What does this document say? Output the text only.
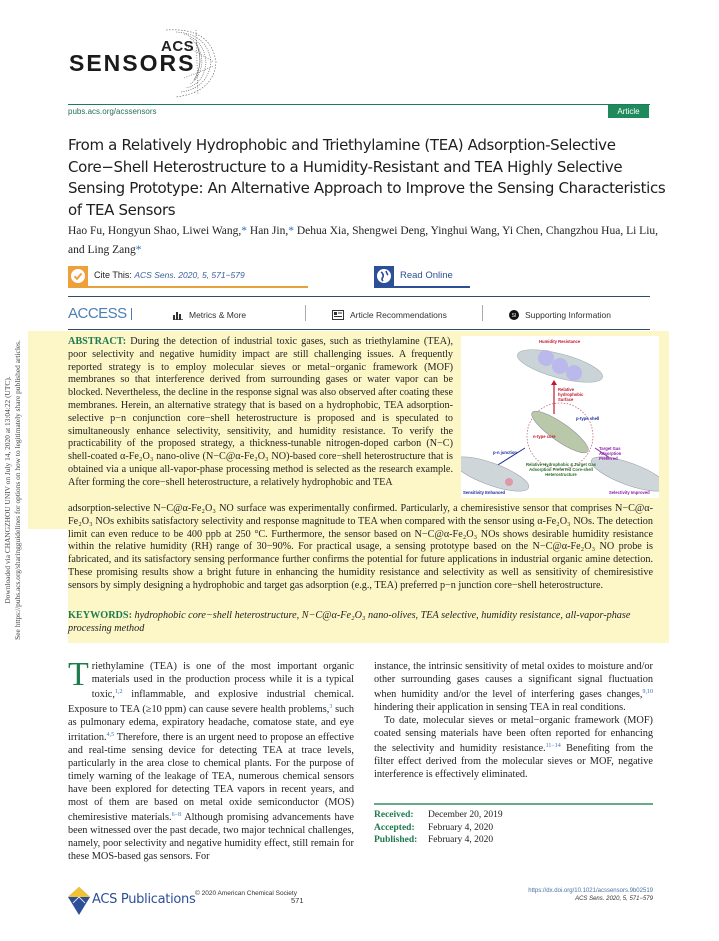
Downloaded via CHANGZHOU UNIV on July 14, 2020 at 13:04:22 (UTC). See https://pubs.acs.org/sharingguidelines for options on how to legitimately share published articles.
ACS
SENSORS
pubs.acs.org/acssensors	Article
From a Relatively Hydrophobic and Triethylamine (TEA) Adsorption-Selective Core−Shell Heterostructure to a Humidity-Resistant and TEA Highly Selective Sensing Prototype: An Alternative Approach to Improve the Sensing Characteristics of TEA Sensors
Hao Fu, Hongyun Shao, Liwei Wang,* Han Jin,* Dehua Xia, Shengwei Deng, Yinghui Wang, Yi Chen, Changzhou Hua, Li Liu, and Ling Zang*
Cite This: ACS Sens. 2020, 5, 571−579	Read Online
ACCESS	Metrics & More	Article Recommendations	SI Supporting Information
ABSTRACT: During the detection of industrial toxic gases, such as triethylamine (TEA), poor selectivity and negative humidity impact are still challenging issues. A frequently reported strategy is to employ molecular sieves or metal−organic framework (MOF) membranes so that interference derived from surrounding gases or water vapor can be blocked. Nevertheless, the decline in the response signal was also observed after coating these membranes. Herein, an alternative strategy that is based on a hydrophobic, TEA adsorption-selective p−n conjunction core−shell heterostructure is proposed and is speculated to simultaneously enhance selectivity, sensitivity, and humidity resistance. To verify the practicability of the proposed strategy, a thickness-tunable nitrogen-doped carbon (N−C) shell-coated α-Fe₂O₃ nano-olive (N−C@α-Fe₂O₃ NO)-based core−shell heterostructure that is obtained via a unique all-vapor-phase processing method is selected as the research example. After forming the core−shell heterostructure, a relatively hydrophobic and TEA
adsorption-selective N−C@α-Fe₂O₃ NO surface was experimentally confirmed. Particularly, a chemiresistive sensor that comprises N−C@α-Fe₂O₃ NOs exhibits satisfactory selectivity and response magnitude to TEA when compared with the sensor using α-Fe₂O₃ NOs. The detection limit can even reduce to be 400 ppb at 250 °C. Furthermore, the sensor based on N−C@α-Fe₂O₃ NOs shows desirable humidity resistance within the relative humidity (RH) range of 30−90%. For practical usage, a sensing prototype based on the N−C@α-Fe₂O₃ NO probe is fabricated, and its satisfactory sensing performance further confirms the potential for future applications in industrial organic amine detection. These promising results show a bright future in enhancing the humidity resistance and selectivity as well as sensitivity of chemiresistive sensors by simply designing a hydrophobic and target gas adsorption (e.g., TEA) preferred p−n junction core−shell heterostructure.
KEYWORDS: hydrophobic core−shell heterostructure, N−C@α-Fe₂O₃ nano-olives, TEA selective, humidity resistance, all-vapor-phase processing method
Humidity Resistance
Relative hydrophobic Surface
p-type shell
n-type core
p-n junction
Target Gas Adsorption Preferred
Relative Hydrophobic & Target Gas Adsorption Preferred Core-shell Heterostructure
Sensitivity Enhanced	Selectivity Improved
Triethylamine (TEA) is one of the most important organic materials used in the production process while it is a typical toxic,$^{1,2}$ inflammable, and explosive industrial chemical. Exposure to TEA (≥10 ppm) can cause severe health problems,$^3$ such as pulmonary edema, expiratory headache, comatose state, and eye irritation.$^{4,5}$ Therefore, there is an urgent need to propose an effective and real-time sensing device for detecting TEA at trace levels, particularly in the area close to chemical plants. For the purpose of timely warning of the leakage of TEA, numerous chemical sensors have been explored for detecting TEA vapors in recent years, and most of them are based on metal oxide semiconductor (MOS) chemiresistive materials.$^{6-8}$ Although promising advancements have been witnessed over the past decade, two major technical challenges, namely, poor selectivity and negative humidity effect, still remain for these MOS-based gas sensors. For

instance, the intrinsic sensitivity of metal oxides to moisture and/or other surrounding gases causes a significant signal fluctuation when humidity and/or the level of interfering gases changes,$^{9,10}$ hindering their application in sensing TEA in real conditions.

To date, molecular sieves or metal−organic framework (MOF) coated sensing materials have been often reported for enhancing the selectivity and humidity resistance.$^{11-14}$ Benefiting from the filter effect derived from the molecular sieves or MOF, negative interference is effectively eliminated.

Received:	December 20, 2019
Accepted:	February 4, 2020
Published:	February 4, 2020
ACS Publications © 2020 American Chemical Society
571
https://dx.doi.org/10.1021/acssensors.9b02519
ACS Sens. 2020, 5, 571−579
